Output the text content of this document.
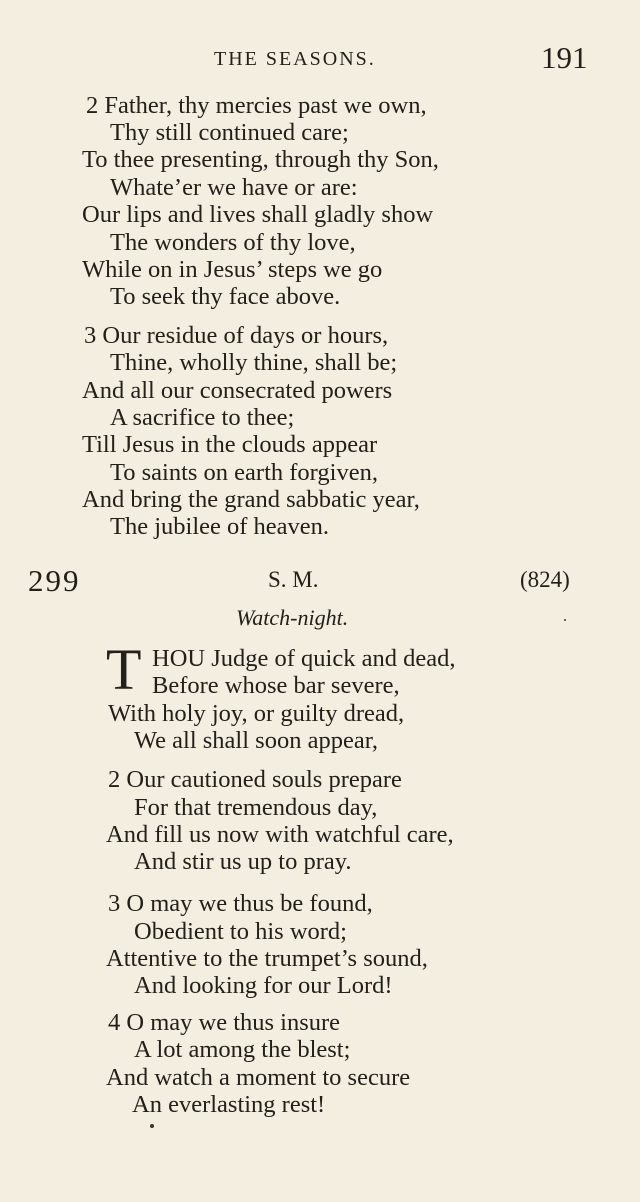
THE SEASONS.	191
2 Father, thy mercies past we own,
Thy still continued care;
To thee presenting, through thy Son,
Whate’er we have or are:
Our lips and lives shall gladly show
The wonders of thy love,
While on in Jesus’ steps we go
To seek thy face above.
3 Our residue of days or hours,
Thine, wholly thine, shall be;
And all our consecrated powers
A sacrifice to thee;
Till Jesus in the clouds appear
To saints on earth forgiven,
And bring the grand sabbatic year,
The jubilee of heaven.
299	S. M.	(824)
Watch-night.
T HOU Judge of quick and dead,
Before whose bar severe,
With holy joy, or guilty dread,
We all shall soon appear,
2 Our cautioned souls prepare
For that tremendous day,
And fill us now with watchful care,
And stir us up to pray.
3 O may we thus be found,
Obedient to his word;
Attentive to the trumpet’s sound,
And looking for our Lord!
4 O may we thus insure
A lot among the blest;
And watch a moment to secure
An everlasting rest!
